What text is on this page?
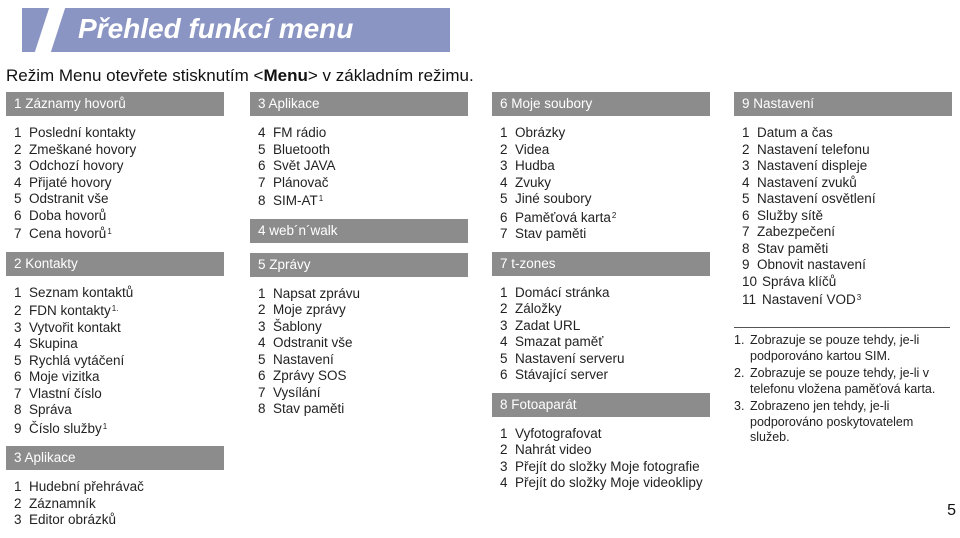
Přehled funkcí menu
Režim Menu otevřete stisknutím <Menu> v základním režimu.
1 Záznamy hovorů
1 Poslední kontakty
2 Zmeškané hovory
3 Odchozí hovory
4 Přijaté hovory
5 Odstranit vše
6 Doba hovorů
7 Cena hovorů$^1$
2 Kontakty
1 Seznam kontaktů
2 FDN kontakty$^{1.}$
3 Vytvořit kontakt
4 Skupina
5 Rychlá vytáčení
6 Moje vizitka
7 Vlastní číslo
8 Správa
9 Číslo služby$^1$
3 Aplikace
1 Hudební přehrávač
2 Záznamník
3 Editor obrázků
3 Aplikace
4 FM rádio
5 Bluetooth
6 Svět JAVA
7 Plánovač
8 SIM-$AT^1$
4 web´n´walk
5 Zprávy
1 Napsat zprávu
2 Moje zprávy
3 Šablony
4 Odstranit vše
5 Nastavení
6 Zprávy SOS
7 Vysílání
8 Stav paměti
6 Moje soubory
1 Obrázky
2 Videa
3 Hudba
4 Zvuky
5 Jiné soubory
6 Paměťová karta$^2$
7 Stav paměti
7 t-zones
1 Domácí stránka
2 Záložky
3 Zadat URL
4 Smazat paměť
5 Nastavení serveru
6 Stávající server
8 Fotoaparát
1 Vyfotografovat
2 Nahrát video
3 Přejít do složky Moje fotografie
4 Přejít do složky Moje videoklipy
9 Nastavení
1 Datum a čas
2 Nastavení telefonu
3 Nastavení displeje
4 Nastavení zvuků
5 Nastavení osvětlení
6 Služby sítě
7 Zabezpečení
8 Stav paměti
9 Obnovit nastavení
10 Správa klíčů
11 Nastavení VOD$^3$
1. Zobrazuje se pouze tehdy, je-li podporováno kartou SIM.
2. Zobrazuje se pouze tehdy, je-li v telefonu vložena paměťová karta.
3. Zobrazeno jen tehdy, je-li podporováno poskytovatelem služeb.
5
